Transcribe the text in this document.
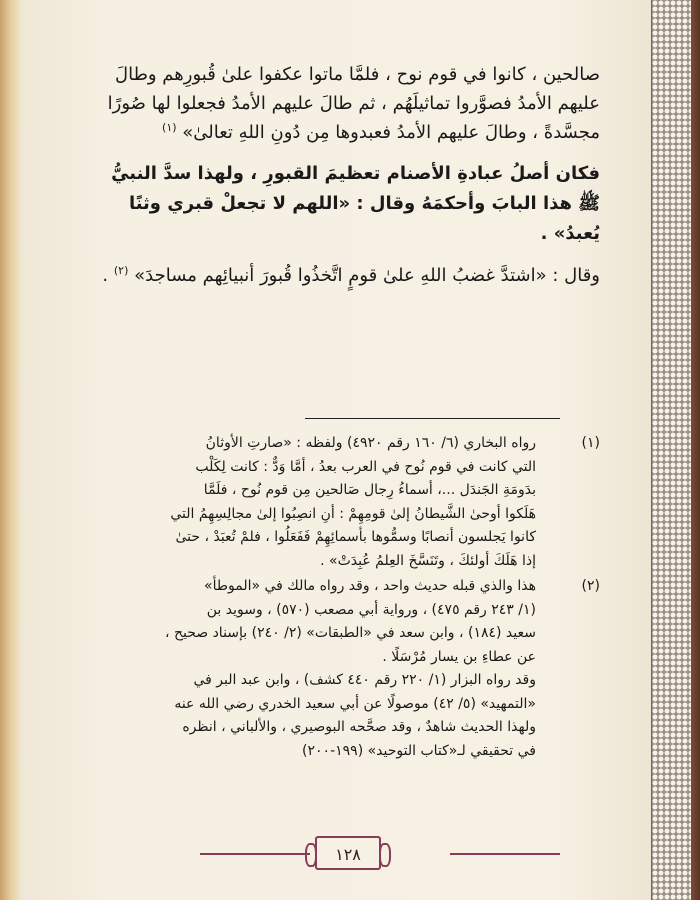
صالحين ، كانوا في قوم نوح ، فلمَّا ماتوا عكفوا علىٰ قُبورِهم وطالَ عليهم الأمدُ فصوَّروا تماثيلَهُم ، ثم طالَ عليهم الأمدُ فجعلوا لها صُورًا مجسَّدةً ، وطالَ عليهم الأمدُ فعبدوها مِن دُونِ اللهِ تعالىٰ» $^{(١)}$

فكان أصلُ عبادةِ الأصنام تعظيمَ القبورِ ، ولهذا سدَّ النبيُّ ﷺ هذا البابَ وأحكمَهُ وقال : «اللهم لا تجعلْ قبري وثنًا يُعبدُ» .

وقال : «اشتدَّ غضبُ اللهِ علىٰ قومٍ اتَّخذُوا قُبورَ أنبيائِهم مساجدَ» $^{(٢)}$ .

(١)
رواه البخاري (٦/ ١٦٠ رقم ٤٩٢٠) ولفظه : «صارتِ الأوثانُ
التي كانت في قوم نُوح في العرب بعدُ ، أمَّا وَدٌّ : كانت لِكَلْب
بدَومَةِ الجَندَل ...، أسماءُ رِجال صَالحين مِن قوم نُوح ، فلَمَّا
هَلَكوا أوحىٰ الشَّيطانُ إلىٰ قومِهِمْ : أنِ انصِبُوا إلىٰ مجالِسِهِمُ التي
كانوا يَجلسون أنصابًا وسمُّوها بأسمائِهِمْ فَفَعَلُوا ، فلمْ تُعبَدْ ، حتىٰ
إذا هَلَكَ أولئكَ ، وتَنَسَّخَ العِلمُ عُبِدَتْ» .
(٢)
هذا والذي قبله حديث واحد ، وقد رواه مالك في «الموطأ»
(١/ ٢٤٣ رقم ٤٧٥) ، ورواية أبي مصعب (٥٧٠) ، وسويد بن
سعيد (١٨٤) ، وابن سعد في «الطبقات» (٢/ ٢٤٠) بإسناد صحيح ،
عن عطاءِ بن يسار مُرْسَلًا .
وقد رواه البزار (١/ ٢٢٠ رقم ٤٤٠ كشف) ، وابن عبد البر في
«التمهيد» (٥/ ٤٢) موصولًا عن أبي سعيد الخدري رضي الله عنه
ولهذا الحديث شاهدٌ ، وقد صحَّحه البوصيري ، والألباني ، انظره
في تحقيقي لـ«كتاب التوحيد» (١٩٩-٢٠٠)
١٢٨
